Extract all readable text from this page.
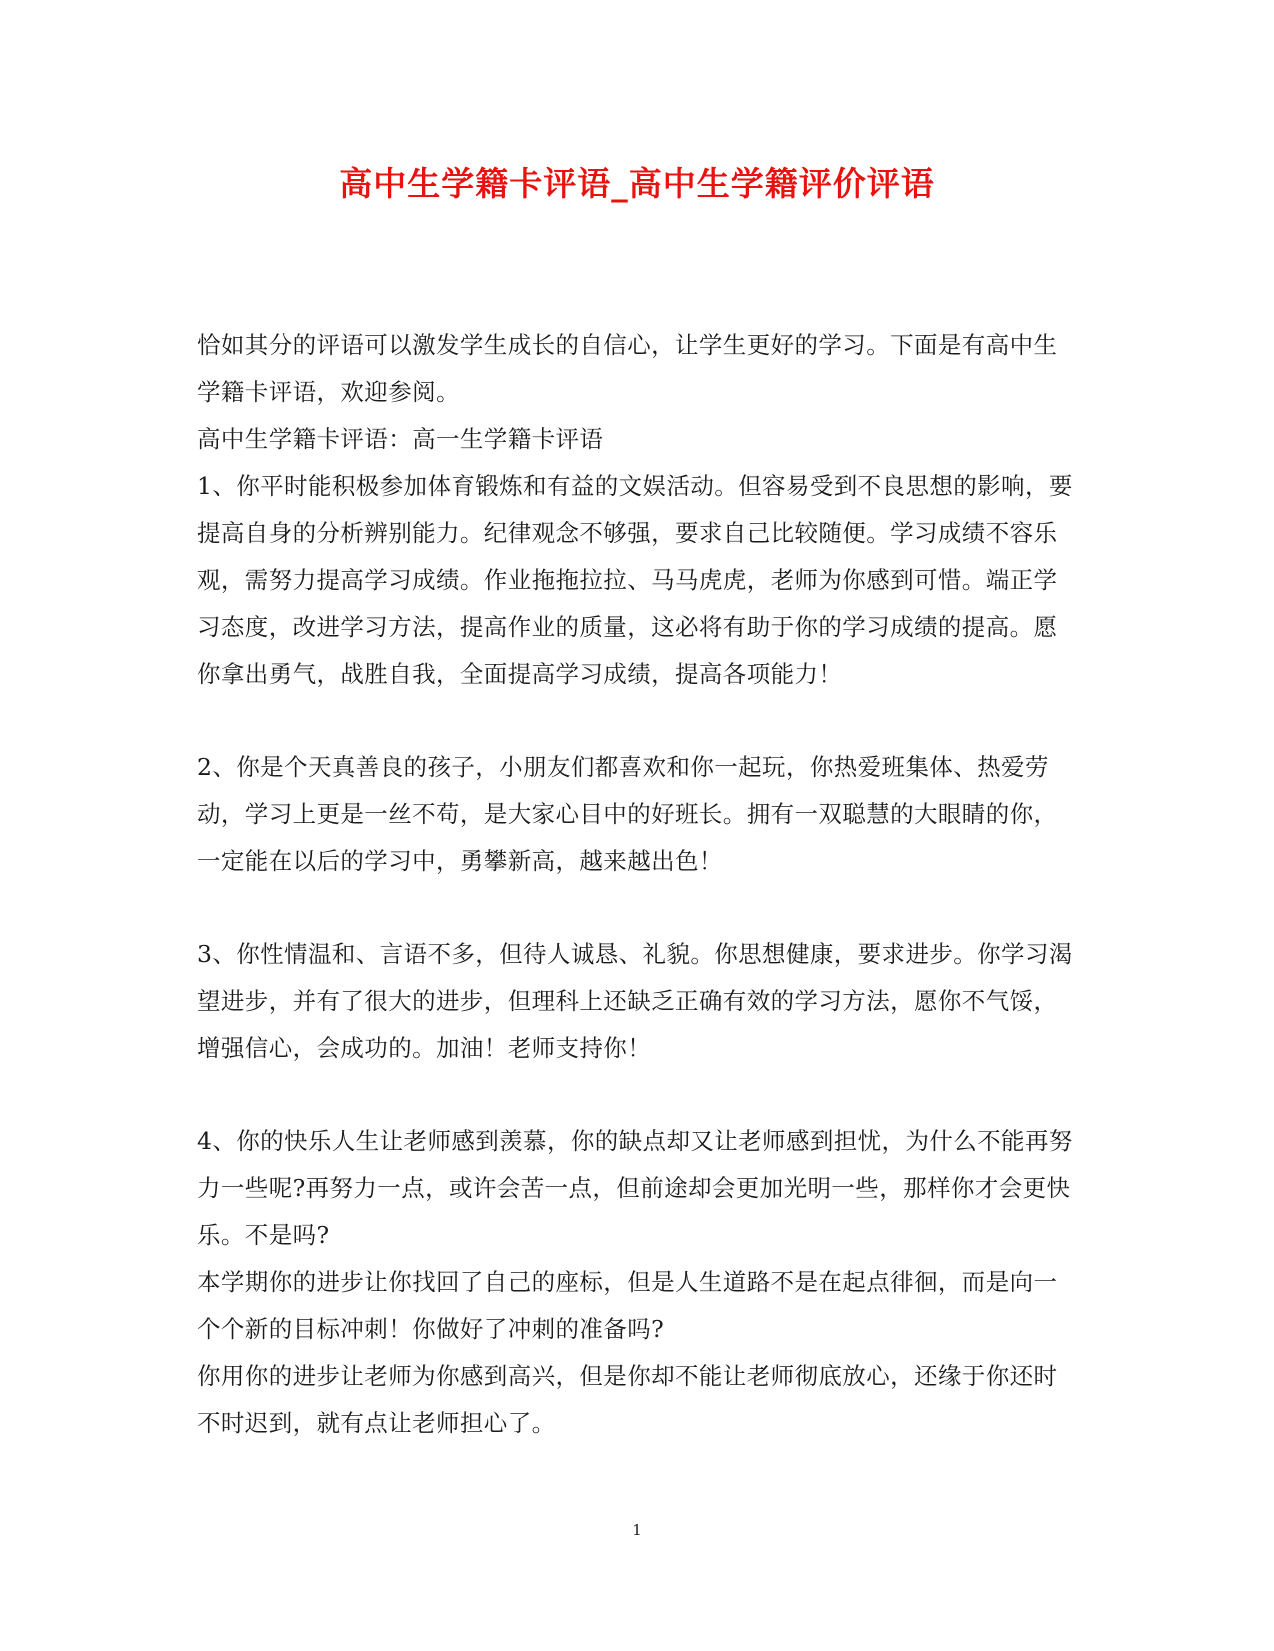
高中生学籍卡评语_高中生学籍评价评语

恰如其分的评语可以激发学生成长的自信心，让学生更好的学习。下面是有高中生学籍卡评语，欢迎参阅。

高中生学籍卡评语：高一生学籍卡评语

1、你平时能积极参加体育锻炼和有益的文娱活动。但容易受到不良思想的影响，要提高自身的分析辨别能力。纪律观念不够强，要求自己比较随便。学习成绩不容乐观，需努力提高学习成绩。作业拖拖拉拉、马马虎虎，老师为你感到可惜。端正学习态度，改进学习方法，提高作业的质量，这必将有助于你的学习成绩的提高。愿你拿出勇气，战胜自我，全面提高学习成绩，提高各项能力！

2、你是个天真善良的孩子，小朋友们都喜欢和你一起玩，你热爱班集体、热爱劳动，学习上更是一丝不苟，是大家心目中的好班长。拥有一双聪慧的大眼睛的你，一定能在以后的学习中，勇攀新高，越来越出色！

3、你性情温和、言语不多，但待人诚恳、礼貌。你思想健康，要求进步。你学习渴望进步，并有了很大的进步，但理科上还缺乏正确有效的学习方法，愿你不气馁，增强信心，会成功的。加油！老师支持你！

4、你的快乐人生让老师感到羡慕，你的缺点却又让老师感到担忧，为什么不能再努力一些呢?再努力一点，或许会苦一点，但前途却会更加光明一些，那样你才会更快乐。不是吗?

本学期你的进步让你找回了自己的座标，但是人生道路不是在起点徘徊，而是向一个个新的目标冲刺！你做好了冲刺的准备吗?

你用你的进步让老师为你感到高兴，但是你却不能让老师彻底放心，还缘于你还时不时迟到，就有点让老师担心了。

1
